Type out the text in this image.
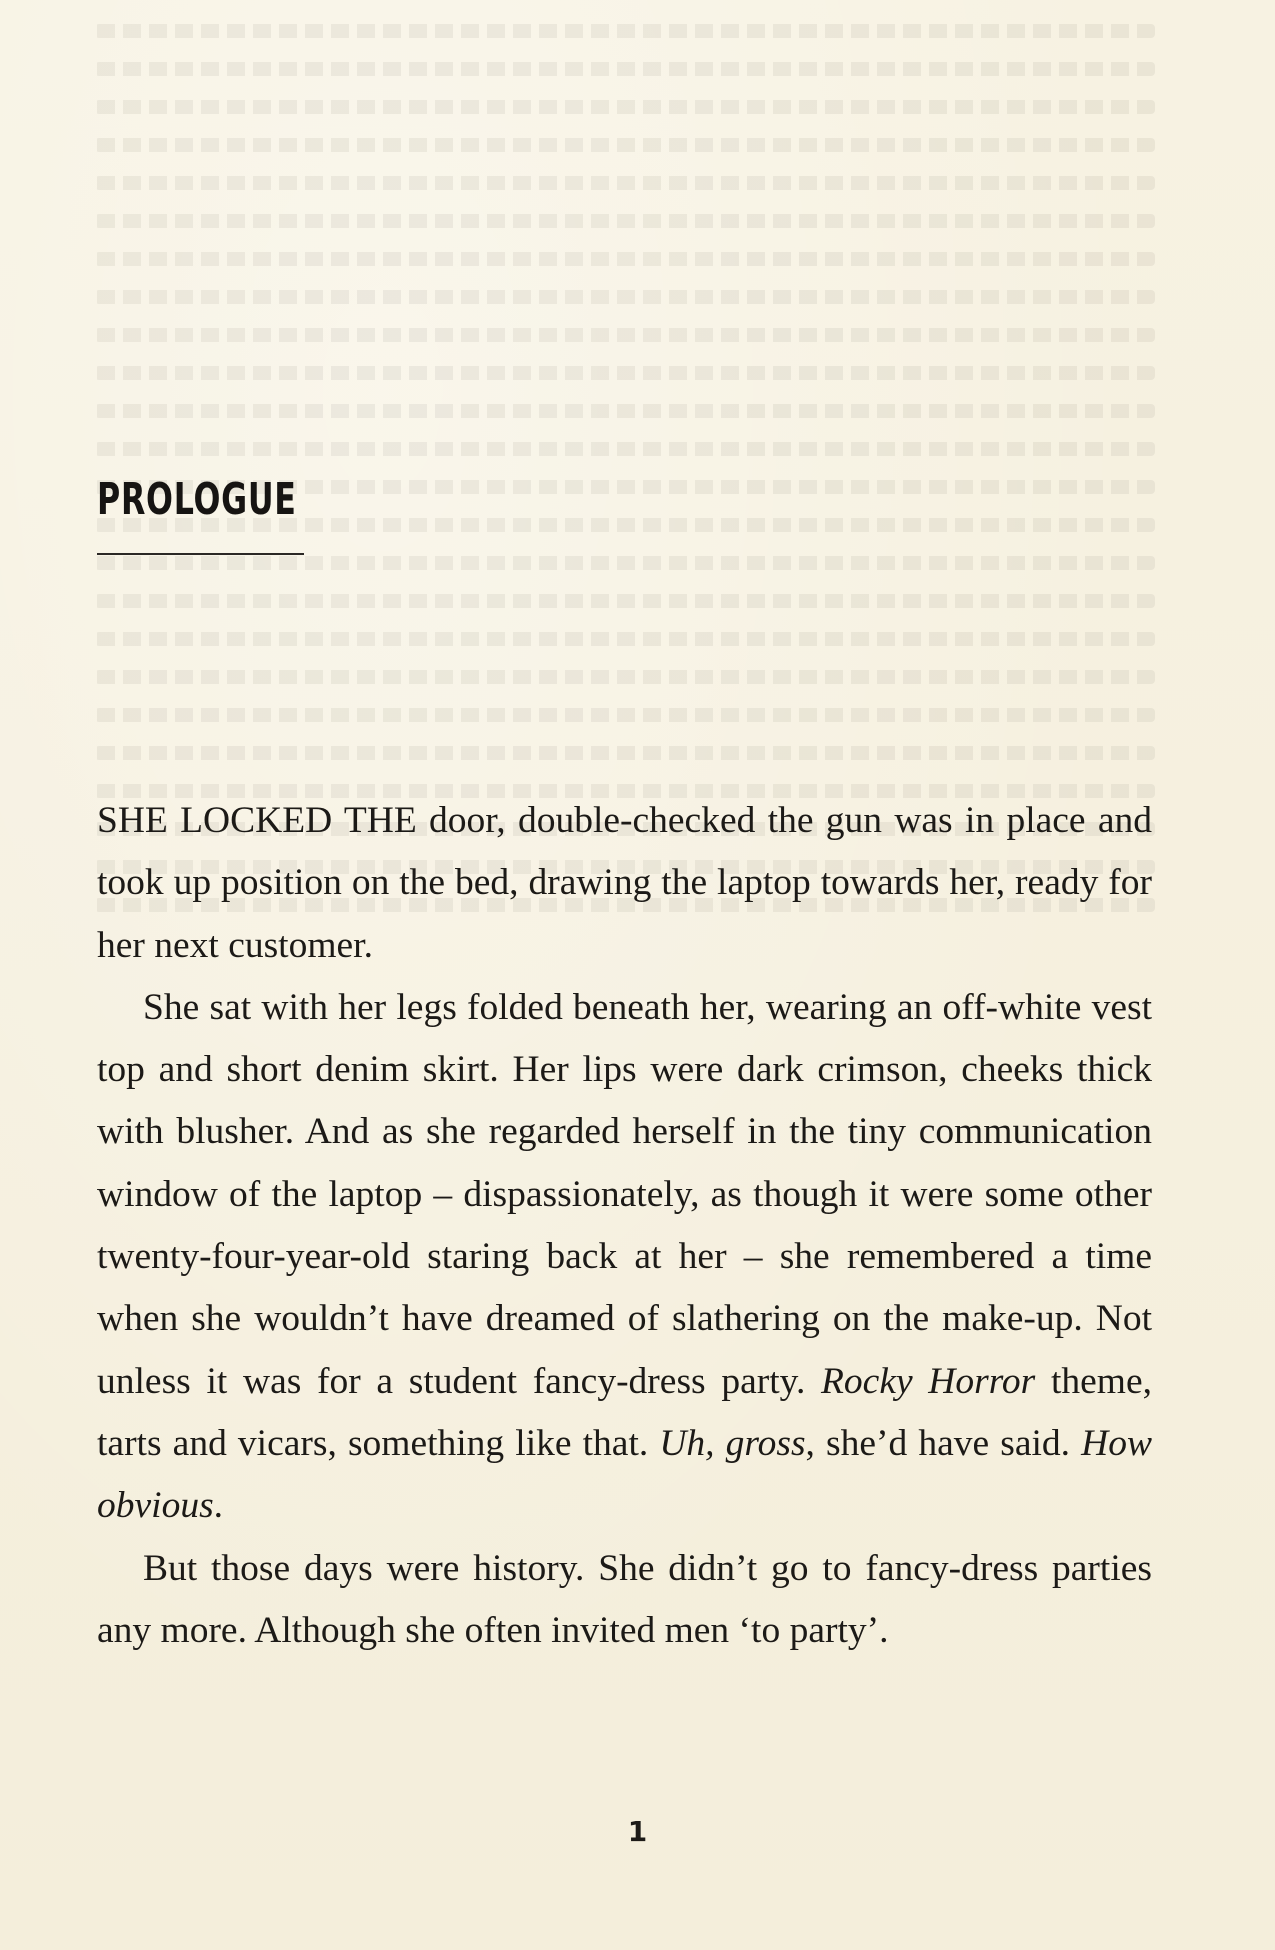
PROLOGUE

SHE LOCKED THE door, double-checked the gun was in place and took up position on the bed, drawing the laptop towards her, ready for her next customer.

She sat with her legs folded beneath her, wearing an off-white vest top and short denim skirt. Her lips were dark crimson, cheeks thick with blusher. And as she regarded herself in the tiny communication window of the laptop – dispassionately, as though it were some other twenty-four-year-old staring back at her – she remembered a time when she wouldn’t have dreamed of slathering on the make-up. Not unless it was for a student fancy-dress party. Rocky Horror theme, tarts and vicars, something like that. Uh, gross, she’d have said. How obvious.

But those days were history. She didn’t go to fancy-dress parties any more. Although she often invited men ‘to party’.

1
